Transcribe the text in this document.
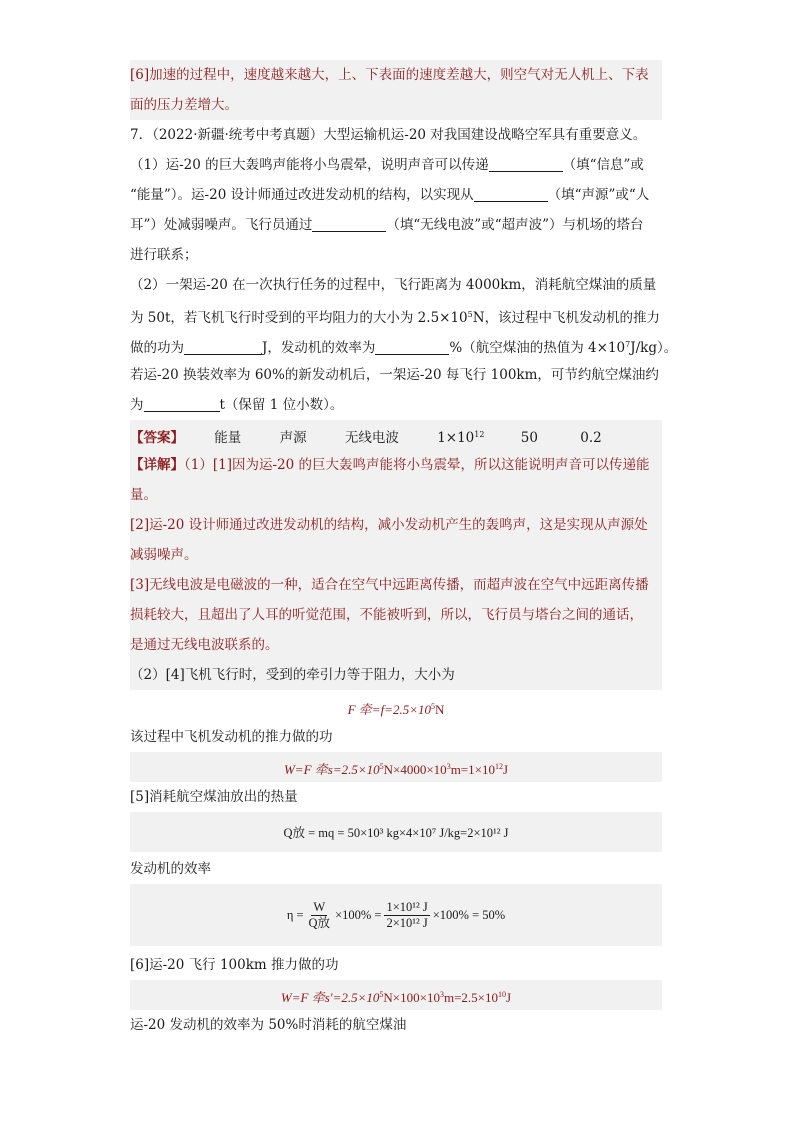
[6]加速的过程中，速度越来越大，上、下表面的速度差越大，则空气对无人机上、下表
面的压力差增大。
7．（2022·新疆·统考中考真题）大型运输机运-20 对我国建设战略空军具有重要意义。
（1）运-20 的巨大轰鸣声能将小鸟震晕，说明声音可以传递	（填“信息”或
“能量”）。运-20 设计师通过改进发动机的结构，以实现从	（填“声源”或“人
耳”）处减弱噪声。飞行员通过	（填“无线电波”或“超声波”）与机场的塔台
进行联系；
（2）一架运-20 在一次执行任务的过程中，飞行距离为 4000km，消耗航空煤油的质量
为 50t，若飞机飞行时受到的平均阻力的大小为 $2.5\times 10^5N$，该过程中飞机发动机的推力
做的功为	J，发动机的效率为	%（航空煤油的热值为 $4\times 10^7J/kg$）。
若运-20 换装效率为 60%的新发动机后，一架运-20 每飞行 100km，可节约航空煤油约
为	t（保留 1 位小数）。
【答案】 能量	声源	无线电波	$1\times 10^{12}$	50	0.2
【详解】（1）[1]因为运-20 的巨大轰鸣声能将小鸟震晕，所以这能说明声音可以传递能
量。
[2]运-20 设计师通过改进发动机的结构，减小发动机产生的轰鸣声，这是实现从声源处
减弱噪声。
[3]无线电波是电磁波的一种，适合在空气中远距离传播，而超声波在空气中远距离传播
损耗较大，且超出了人耳的听觉范围，不能被听到，所以，飞行员与塔台之间的通话，
是通过无线电波联系的。
（2）[4]飞机飞行时，受到的牵引力等于阻力，大小为
F 牵$=f=2.5\times 10^5N$
该过程中飞机发动机的推力做的功
W=F 牵$s=2.5\times 10^5N\times 4000\times 10^3m=1\times 10^{12}J$
[5]消耗航空煤油放出的热量
Q放 = mq = 50×10³ kg×4×10⁷ J/kg=2×10¹² J
发动机的效率
$\eta = \frac{W}{\text{Q放}} \times 100\% = \frac{\text{1×10¹² J}}{\text{2×10¹² J}} \times 100\% = 50\%$
[6]运-20 飞行 100km 推力做的功
W=F 牵$s'=2.5\times 10^5N\times 100\times 10^3m=2.5\times 10^{10}J$
运-20 发动机的效率为 50%时消耗的航空煤油
